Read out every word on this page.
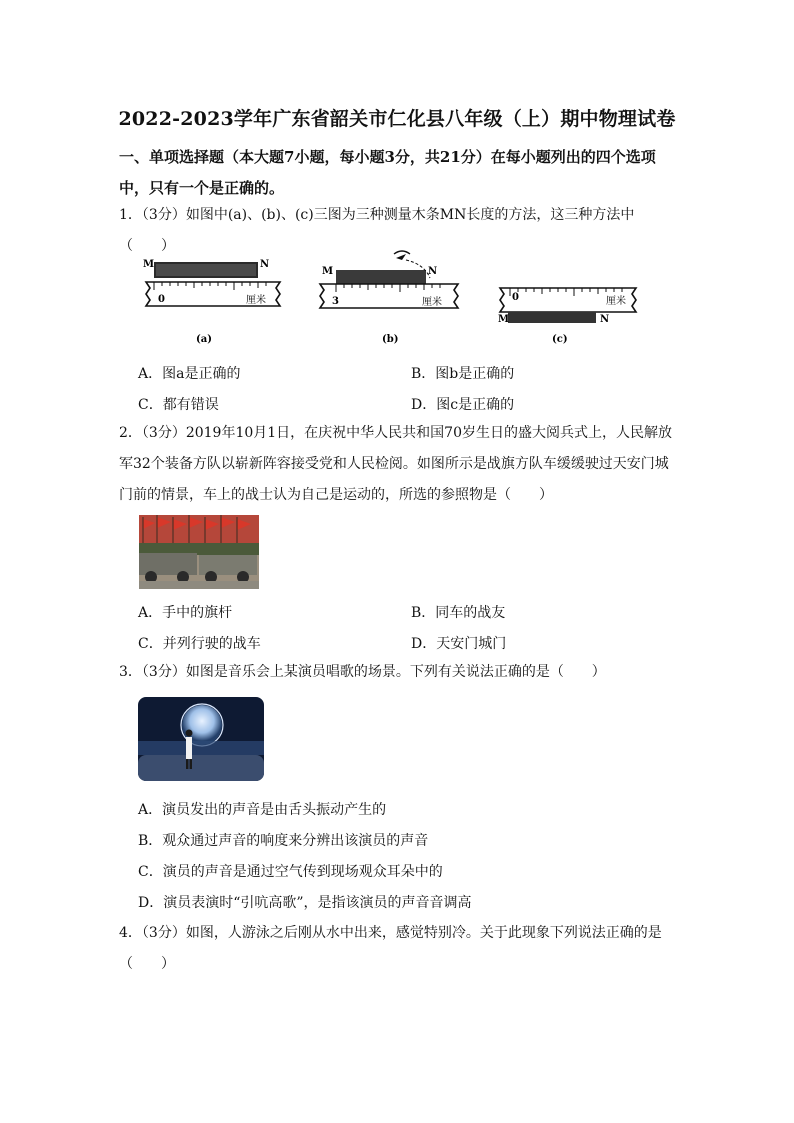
2022-2023学年广东省韶关市仁化县八年级（上）期中物理试卷
一、单项选择题（本大题7小题，每小题3分，共21分）在每小题列出的四个选项中，只有一个是正确的。
1．（3分）如图中(a)、(b)、(c)三图为三种测量木条MN长度的方法，这三种方法中（　　）
M	N
0	厘米
(a)
M	N
3	厘米
(b)
0	厘米
M	N
(c)
A．图a是正确的	B．图b是正确的
C．都有错误	D．图c是正确的
2．（3分）2019年10月1日，在庆祝中华人民共和国70岁生日的盛大阅兵式上，人民解放军32个装备方队以崭新阵容接受党和人民检阅。如图所示是战旗方队车缓缓驶过天安门城门前的情景，车上的战士认为自己是运动的，所选的参照物是（　　）
A．手中的旗杆	B．同车的战友
C．并列行驶的战车	D．天安门城门
3．（3分）如图是音乐会上某演员唱歌的场景。下列有关说法正确的是（　　）
A．演员发出的声音是由舌头振动产生的
B．观众通过声音的响度来分辨出该演员的声音
C．演员的声音是通过空气传到现场观众耳朵中的
D．演员表演时“引吭高歌”，是指该演员的声音音调高
4．（3分）如图，人游泳之后刚从水中出来，感觉特别冷。关于此现象下列说法正确的是（　　）
